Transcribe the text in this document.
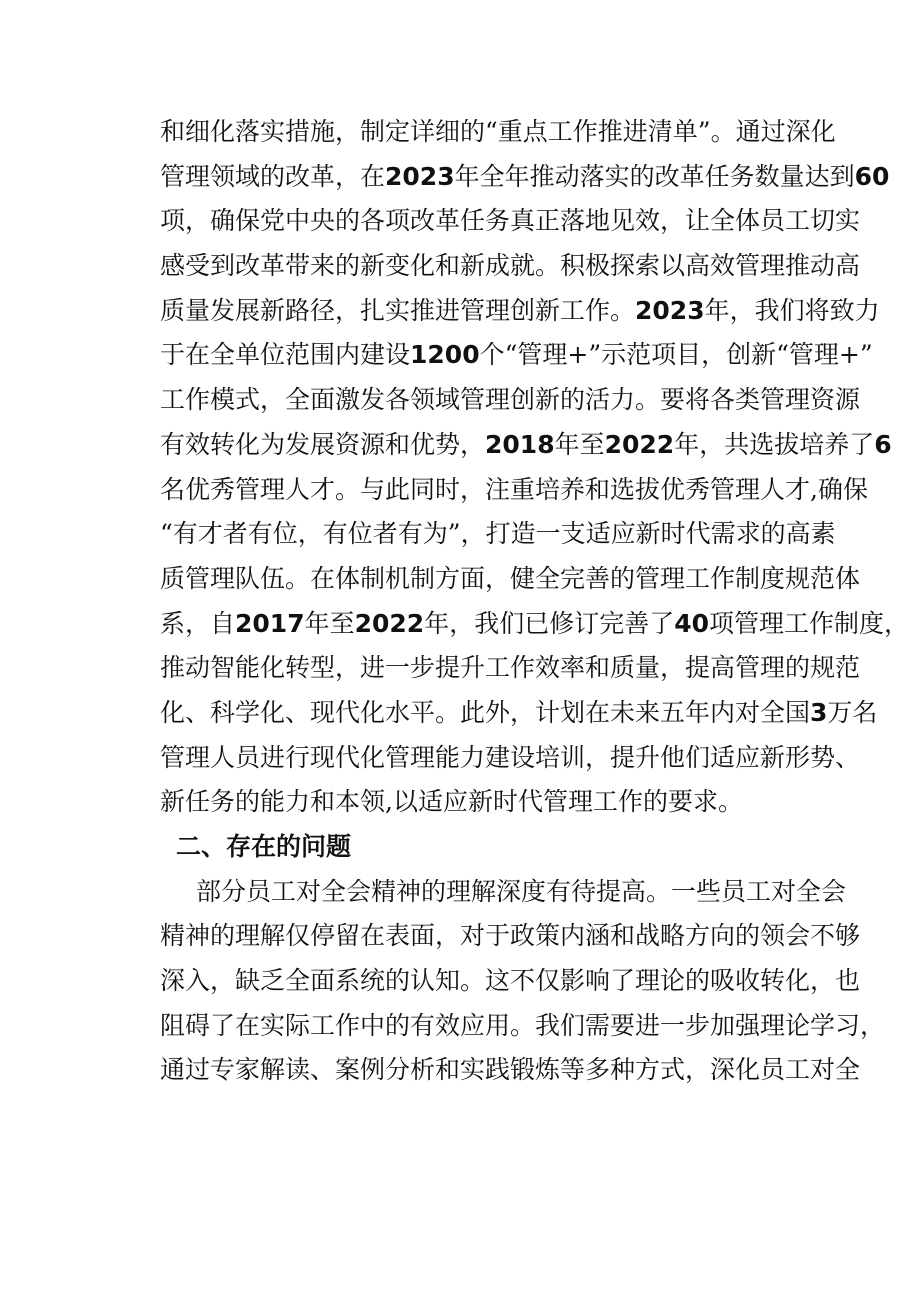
和细化落实措施，制定详细的“重点工作推进清单”。通过深化
管理领域的改革，在2023年全年推动落实的改革任务数量达到60
项，确保党中央的各项改革任务真正落地见效，让全体员工切实
感受到改革带来的新变化和新成就。积极探索以高效管理推动高
质量发展新路径，扎实推进管理创新工作。2023年，我们将致力
于在全单位范围内建设1200个“管理+”示范项目，创新“管理+”
工作模式，全面激发各领域管理创新的活力。要将各类管理资源
有效转化为发展资源和优势，2018年至2022年，共选拔培养了6
名优秀管理人才。与此同时，注重培养和选拔优秀管理人才,确保
“有才者有位，有位者有为”，打造一支适应新时代需求的高素
质管理队伍。在体制机制方面，健全完善的管理工作制度规范体
系，自2017年至2022年，我们已修订完善了40项管理工作制度，
推动智能化转型，进一步提升工作效率和质量，提高管理的规范
化、科学化、现代化水平。此外，计划在未来五年内对全国3万名
管理人员进行现代化管理能力建设培训，提升他们适应新形势、
新任务的能力和本领,以适应新时代管理工作的要求。
二、存在的问题
部分员工对全会精神的理解深度有待提高。一些员工对全会
精神的理解仅停留在表面，对于政策内涵和战略方向的领会不够
深入，缺乏全面系统的认知。这不仅影响了理论的吸收转化，也
阻碍了在实际工作中的有效应用。我们需要进一步加强理论学习，
通过专家解读、案例分析和实践锻炼等多种方式，深化员工对全
